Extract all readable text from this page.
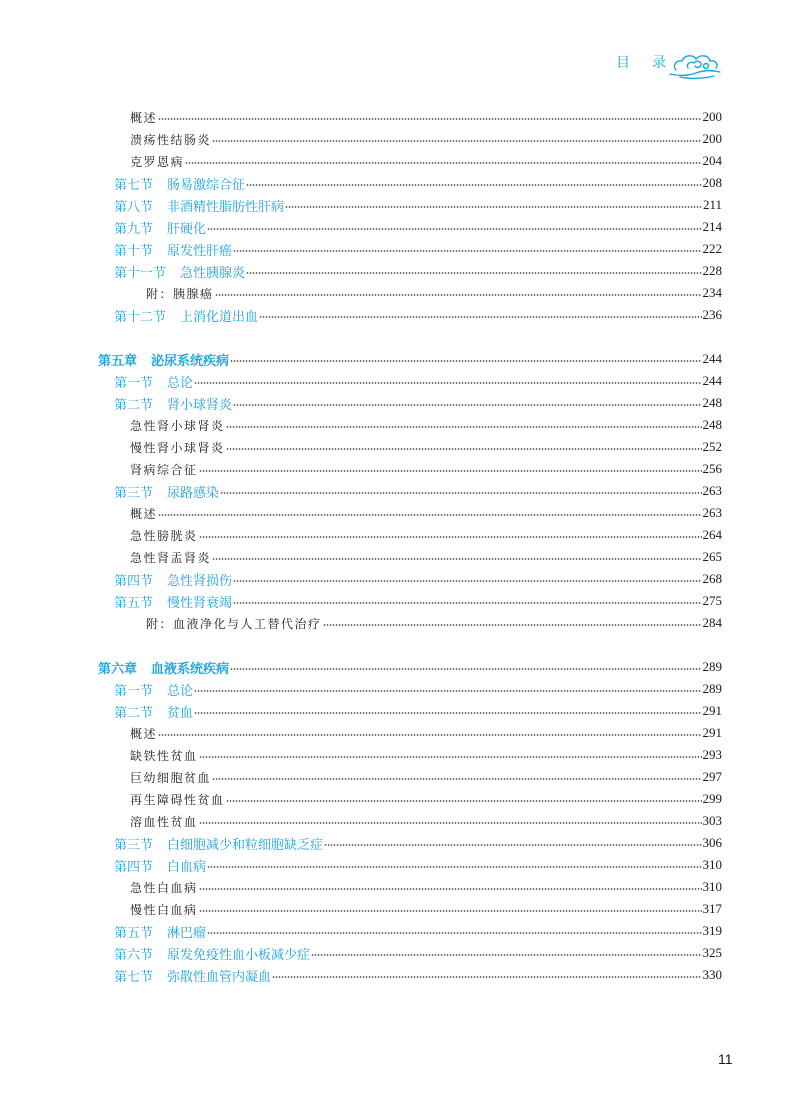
目录
概述	200
溃疡性结肠炎	200
克罗恩病	204
第七节 肠易激综合征	208
第八节 非酒精性脂肪性肝病	211
第九节 肝硬化	214
第十节 原发性肝癌	222
第十一节 急性胰腺炎	228
附：胰腺癌	234
第十二节 上消化道出血	236
第五章 泌尿系统疾病	244
第一节 总论	244
第二节 肾小球肾炎	248
急性肾小球肾炎	248
慢性肾小球肾炎	252
肾病综合征	256
第三节 尿路感染	263
概述	263
急性膀胱炎	264
急性肾盂肾炎	265
第四节 急性肾损伤	268
第五节 慢性肾衰竭	275
附：血液净化与人工替代治疗	284
第六章 血液系统疾病	289
第一节 总论	289
第二节 贫血	291
概述	291
缺铁性贫血	293
巨幼细胞贫血	297
再生障碍性贫血	299
溶血性贫血	303
第三节 白细胞减少和粒细胞缺乏症	306
第四节 白血病	310
急性白血病	310
慢性白血病	317
第五节 淋巴瘤	319
第六节 原发免疫性血小板减少症	325
第七节 弥散性血管内凝血	330
11
